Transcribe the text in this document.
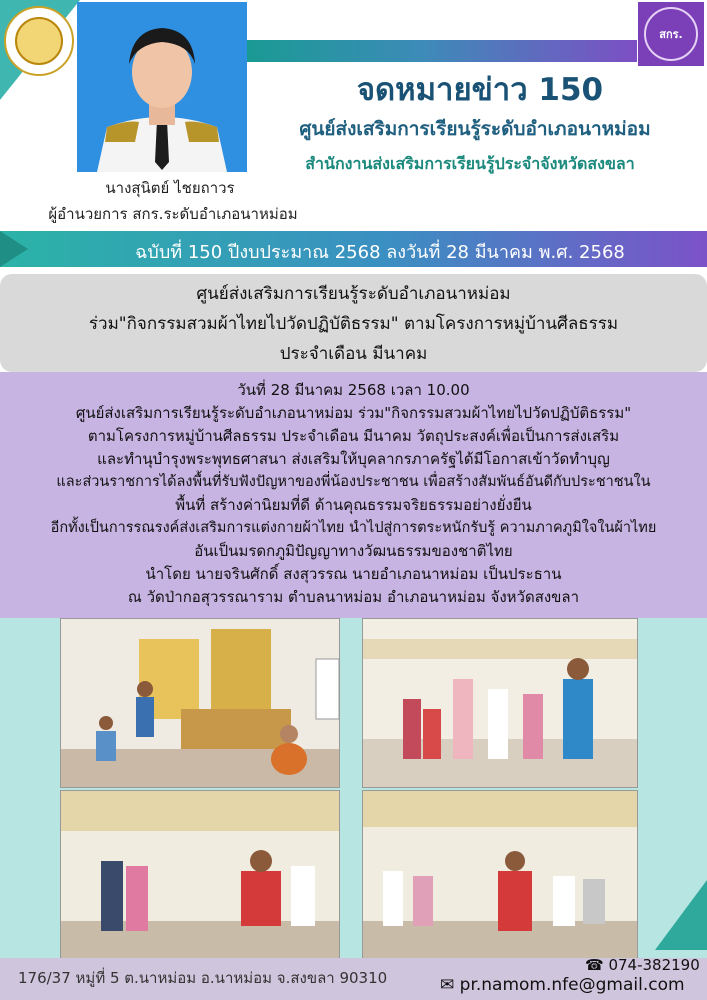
สกร.
จดหมายข่าว 150
ศูนย์ส่งเสริมการเรียนรู้ระดับอำเภอนาหม่อม
สำนักงานส่งเสริมการเรียนรู้ประจำจังหวัดสงขลา
นางสุนิตย์ ไชยถาวร
ผู้อำนวยการ สกร.ระดับอำเภอนาหม่อม
ฉบับที่ 150 ปีงบประมาณ 2568 ลงวันที่ 28 มีนาคม พ.ศ. 2568
ศูนย์ส่งเสริมการเรียนรู้ระดับอำเภอนาหม่อม
ร่วม"กิจกรรมสวมผ้าไทยไปวัดปฏิบัติธรรม" ตามโครงการหมู่บ้านศีลธรรม
ประจำเดือน มีนาคม
วันที่ 28 มีนาคม 2568 เวลา 10.00
ศูนย์ส่งเสริมการเรียนรู้ระดับอำเภอนาหม่อม ร่วม"กิจกรรมสวมผ้าไทยไปวัดปฏิบัติธรรม"
ตามโครงการหมู่บ้านศีลธรรม ประจำเดือน มีนาคม วัตถุประสงค์เพื่อเป็นการส่งเสริม
และทำนุบำรุงพระพุทธศาสนา ส่งเสริมให้บุคลากรภาครัฐได้มีโอกาสเข้าวัดทำบุญ
และส่วนราชการได้ลงพื้นที่รับฟังปัญหาของพี่น้องประชาชน เพื่อสร้างสัมพันธ์อันดีกับประชาชนใน
พื้นที่ สร้างค่านิยมที่ดี ด้านคุณธรรมจริยธรรมอย่างยั่งยืน
อีกทั้งเป็นการรณรงค์ส่งเสริมการแต่งกายผ้าไทย นำไปสู่การตระหนักรับรู้ ความภาคภูมิใจในผ้าไทย
อันเป็นมรดกภูมิปัญญาทางวัฒนธรรมของชาติไทย
นำโดย นายจรินศักดิ์ สงสุวรรณ นายอำเภอนาหม่อม เป็นประธาน
ณ วัดป่ากอสุวรรณาราม ตำบลนาหม่อม อำเภอนาหม่อม จังหวัดสงขลา
176/37 หมู่ที่ 5 ต.นาหม่อม อ.นาหม่อม จ.สงขลา 90310
☎ 074-382190
✉ pr.namom.nfe@gmail.com
